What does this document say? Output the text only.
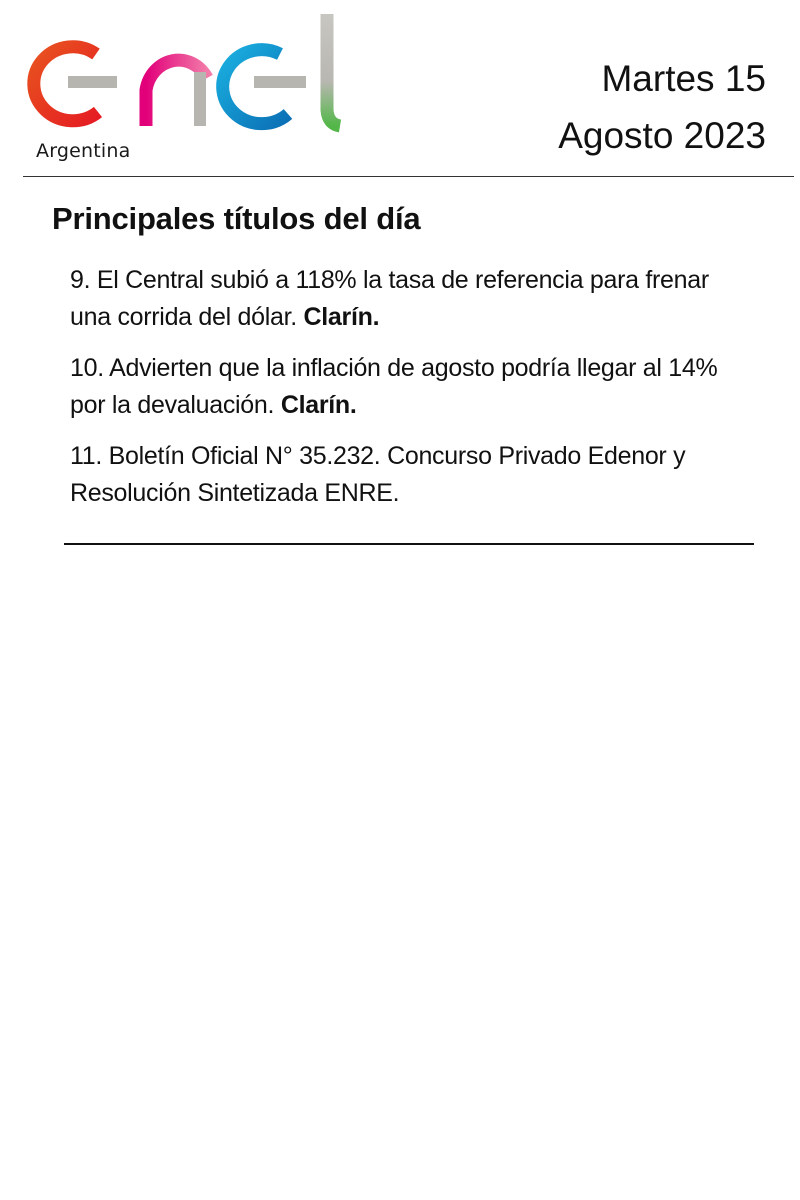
Argentina
Martes 15
Agosto 2023
Principales títulos del día
9. El Central subió a 118% la tasa de referencia para frenar una corrida del dólar. Clarín.
10. Advierten que la inflación de agosto podría llegar al 14% por la devaluación. Clarín.
11. Boletín Oficial N° 35.232. Concurso Privado Edenor y Resolución Sintetizada ENRE.
